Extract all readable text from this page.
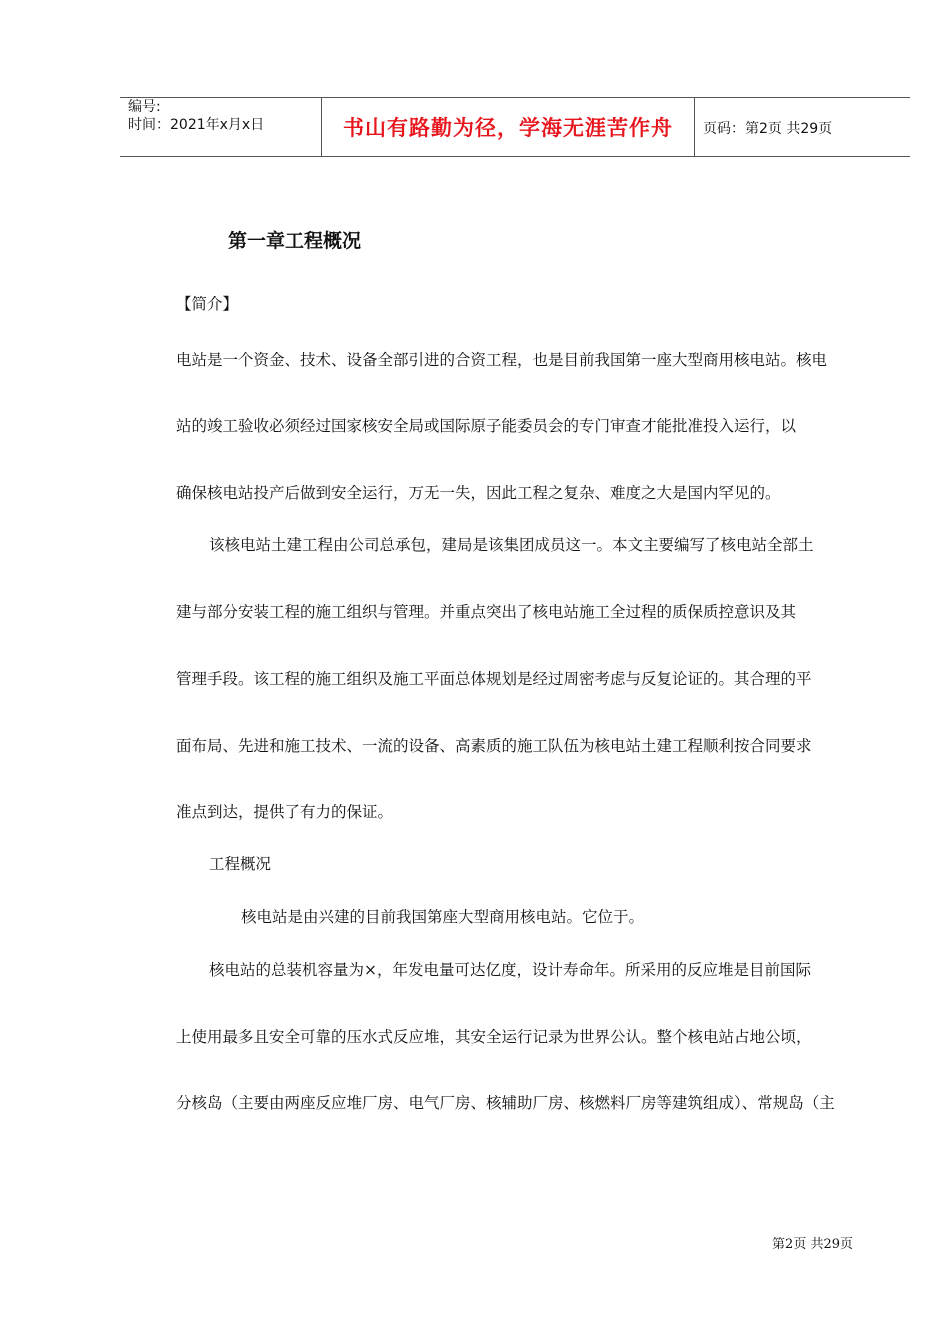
编号:
时间：2021年x月x日	书山有路勤为径，学海无涯苦作舟	页码：第2页 共29页
第一章工程概况
【简介】
电站是一个资金、技术、设备全部引进的合资工程，也是目前我国第一座大型商用核电站。核电
站的竣工验收必须经过国家核安全局或国际原子能委员会的专门审查才能批准投入运行，以
确保核电站投产后做到安全运行，万无一失，因此工程之复杂、难度之大是国内罕见的。
该核电站土建工程由公司总承包，建局是该集团成员这一。本文主要编写了核电站全部土
建与部分安装工程的施工组织与管理。并重点突出了核电站施工全过程的质保质控意识及其
管理手段。该工程的施工组织及施工平面总体规划是经过周密考虑与反复论证的。其合理的平
面布局、先进和施工技术、一流的设备、高素质的施工队伍为核电站土建工程顺利按合同要求
准点到达，提供了有力的保证。
工程概况
核电站是由兴建的目前我国第座大型商用核电站。它位于。
核电站的总装机容量为×，年发电量可达亿度，设计寿命年。所采用的反应堆是目前国际
上使用最多且安全可靠的压水式反应堆，其安全运行记录为世界公认。整个核电站占地公顷，
分核岛（主要由两座反应堆厂房、电气厂房、核辅助厂房、核燃料厂房等建筑组成）、常规岛（主
第2页 共29页
